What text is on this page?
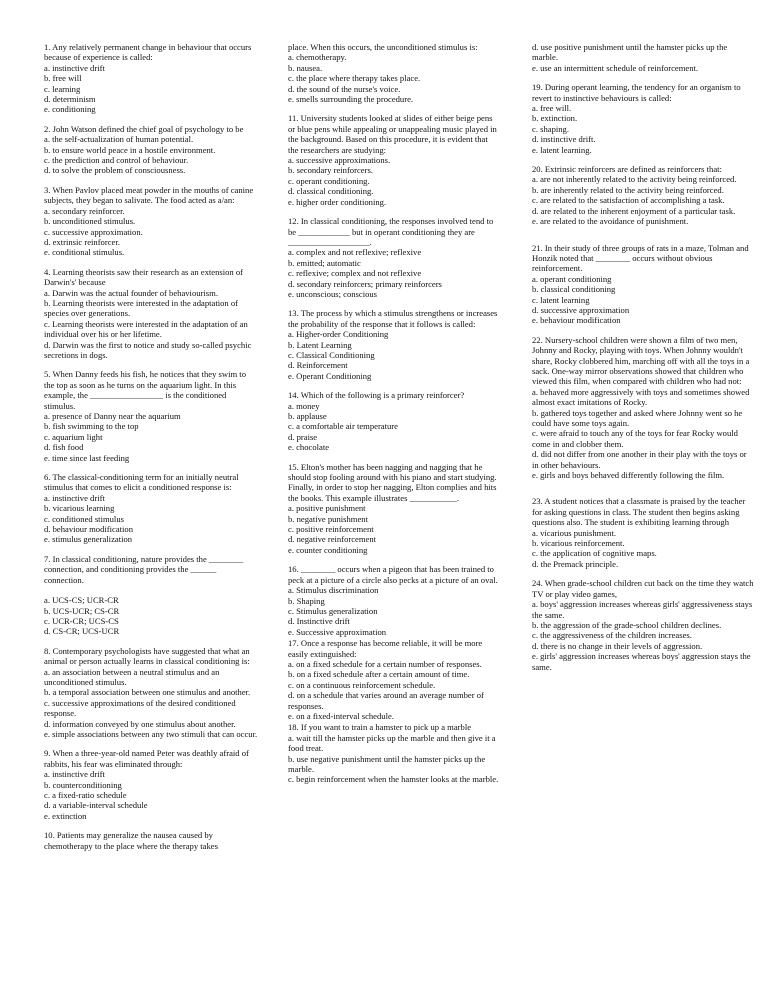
1. Any relatively permanent change in behaviour that occurs because of experience is called:

a. instinctive drift
b. free will
c. learning
d. determinism
e. conditioning

2. John Watson defined the chief goal of psychology to be

a. the self-actualization of human potential.
b. to ensure world peace in a hostile environment.
c. the prediction and control of behaviour.
d. to solve the problem of consciousness.

3. When Pavlov placed meat powder in the mouths of canine subjects, they began to salivate. The food acted as a/an:

a. secondary reinforcer.
b. unconditioned stimulus.
c. successive approximation.
d. extrinsic reinforcer.
e. conditional stimulus.

4. Learning theorists saw their research as an extension of Darwin's' because

a. Darwin was the actual founder of behaviourism.
b. Learning theorists were interested in the adaptation of species over generations.
c. Learning theorists were interested in the adaptation of an individual over his or her lifetime.
d. Darwin was the first to notice and study so-called psychic secretions in dogs.

5. When Danny feeds his fish, he notices that they swim to the top as soon as he turns on the aquarium light. In this example, the _________________ is the conditioned stimulus.

a. presence of Danny near the aquarium
b. fish swimming to the top
c. aquarium light
d. fish food
e. time since last feeding

6. The classical-conditioning term for an initially neutral stimulus that comes to elicit a conditioned response is:

a. instinctive drift
b. vicarious learning
c. conditioned stimulus
d. behaviour modification
e. stimulus generalization

7. In classical conditioning, nature provides the ________ connection, and conditioning provides the ______ connection.

a. UCS-CS; UCR-CR
b. UCS-UCR; CS-CR
c. UCR-CR; UCS-CS
d. CS-CR; UCS-UCR

8. Contemporary psychologists have suggested that what an animal or person actually learns in classical conditioning is:

a. an association between a neutral stimulus and an unconditioned stimulus.
b. a temporal association between one stimulus and another.
c. successive approximations of the desired conditioned response.
d. information conveyed by one stimulus about another.
e. simple associations between any two stimuli that can occur.

9. When a three-year-old named Peter was deathly afraid of rabbits, his fear was eliminated through:

a. instinctive drift
b. counterconditioning
c. a fixed-ratio schedule
d. a variable-interval schedule
e. extinction

10. Patients may generalize the nausea caused by chemotherapy to the place where the therapy takes

place. When this occurs, the unconditioned stimulus is:

a. chemotherapy.
b. nausea.
c. the place where therapy takes place.
d. the sound of the nurse's voice.
e. smells surrounding the procedure.

11. University students looked at slides of either beige pens or blue pens while appealing or unappealing music played in the background. Based on this procedure, it is evident that the researchers are studying:

a. successive approximations.
b. secondary reinforcers.
c. operant conditioning.
d. classical conditioning.
e. higher order conditioning.

12. In classical conditioning, the responses involved tend to be ____________ but in operant conditioning they are ___________________.

a. complex and not reflexive; reflexive
b. emitted; automatic
c. reflexive; complex and not reflexive
d. secondary reinforcers; primary reinforcers
e. unconscious; conscious

13. The process by which a stimulus strengthens or increases the probability of the response that it follows is called:

a. Higher-order Conditioning
b. Latent Learning
c. Classical Conditioning
d. Reinforcement
e. Operant Conditioning

14. Which of the following is a primary reinforcer?

a. money
b. applause
c. a comfortable air temperature
d. praise
e. chocolate

15. Elton's mother has been nagging and nagging that he should stop fooling around with his piano and start studying. Finally, in order to stop her nagging, Elton complies and hits the books. This example illustrates ___________.

a. positive punishment
b. negative punishment
c. positive reinforcement
d. negative reinforcement
e. counter conditioning

16. ________ occurs when a pigeon that has been trained to peck at a picture of a circle also pecks at a picture of an oval.

a. Stimulus discrimination
b. Shaping
c. Stimulus generalization
d. Instinctive drift
e. Successive approximation

17. Once a response has become reliable, it will be more easily extinguished:

a. on a fixed schedule for a certain number of responses.
b. on a fixed schedule after a certain amount of time.
c. on a continuous reinforcement schedule.
d. on a schedule that varies around an average number of responses.
e. on a fixed-interval schedule.

18. If you want to train a hamster to pick up a marble

a. wait till the hamster picks up the marble and then give it a food treat.
b. use negative punishment until the hamster picks up the marble.
c. begin reinforcement when the hamster looks at the marble.

d. use positive punishment until the hamster picks up the marble.
e. use an intermittent schedule of reinforcement.

19. During operant learning, the tendency for an organism to revert to instinctive behaviours is called:

a. free will.
b. extinction.
c. shaping.
d. instinctive drift.
e. latent learning.

20. Extrinsic reinforcers are defined as reinforcers that:

a. are not inherently related to the activity being reinforced.
b. are inherently related to the activity being reinforced.
c. are related to the satisfaction of accomplishing a task.
d. are related to the inherent enjoyment of a particular task.
e. are related to the avoidance of punishment.

21. In their study of three groups of rats in a maze, Tolman and Honzik noted that ________ occurs without obvious reinforcement.

a. operant conditioning
b. classical conditioning
c. latent learning
d. successive approximation
e. behaviour modification

22. Nursery-school children were shown a film of two men, Johnny and Rocky, playing with toys. When Johnny wouldn't share, Rocky clobbered him, marching off with all the toys in a sack. One-way mirror observations showed that children who viewed this film, when compared with children who had not:

a. behaved more aggressively with toys and sometimes showed almost exact imitations of Rocky.
b. gathered toys together and asked where Johnny went so he could have some toys again.
c. were afraid to touch any of the toys for fear Rocky would come in and clobber them.
d. did not differ from one another in their play with the toys or in other behaviours.
e. girls and boys behaved differently following the film.

23. A student notices that a classmate is praised by the teacher for asking questions in class. The student then begins asking questions also. The student is exhibiting learning through

a. vicarious punishment.
b. vicarious reinforcement.
c. the application of cognitive maps.
d. the Premack principle.

24. When grade-school children cut back on the time they watch TV or play video games,

a. boys' aggression increases whereas girls' aggressiveness stays the same.
b. the aggression of the grade-school children declines.
c. the aggressiveness of the children increases.
d. there is no change in their levels of aggression.
e. girls' aggression increases whereas boys' aggression stays the same.
